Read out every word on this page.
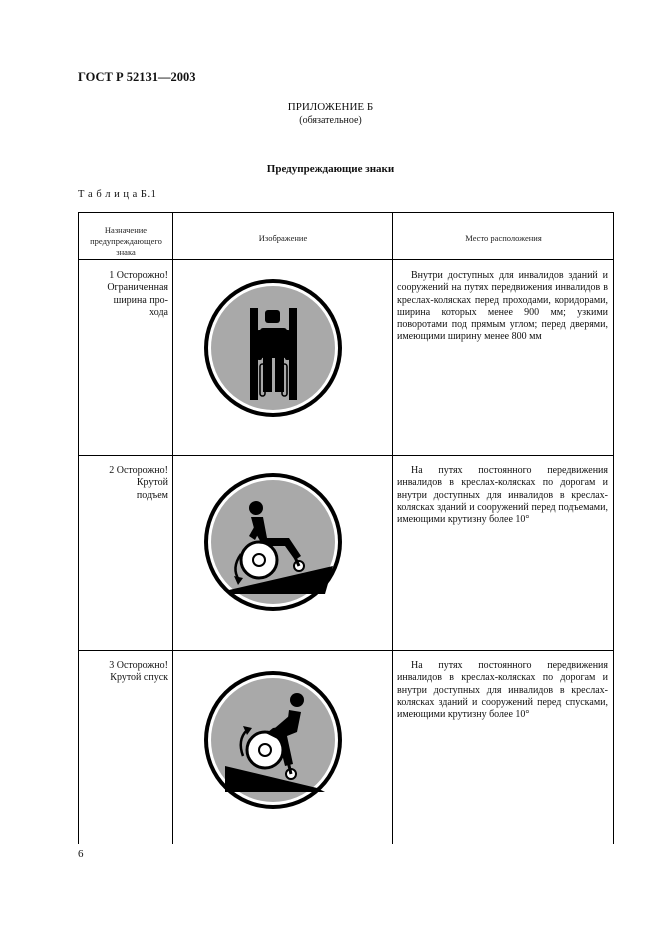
ГОСТ Р 52131—2003
ПРИЛОЖЕНИЕ Б
(обязательное)
Предупреждающие знаки
Т а б л и ц а Б.1
Назначение
предупреждающего
знака
Изображение	Место расположения
1 Осторожно!
Ограниченная
ширина про-
хода
Внутри доступных для инвалидов зданий и сооружений на путях передвижения инвалидов в креслах-колясках перед проходами, коридорами, ширина которых менее 900 мм; узкими поворотами под прямым углом; перед дверями, имеющими ширину менее 800 мм
2 Осторожно!
Крутой
подъем
На путях постоянного передвижения инвалидов в креслах-колясках по дорогам и внутри доступных для инвалидов в креслах-колясках зданий и сооружений перед подъемами, имеющими крутизну более 10°
3 Осторожно!
Крутой спуск
На путях постоянного передвижения инвалидов в креслах-колясках по дорогам и внутри доступных для инвалидов в креслах-колясках зданий и сооружений перед спусками, имеющими крутизну более 10°
6
